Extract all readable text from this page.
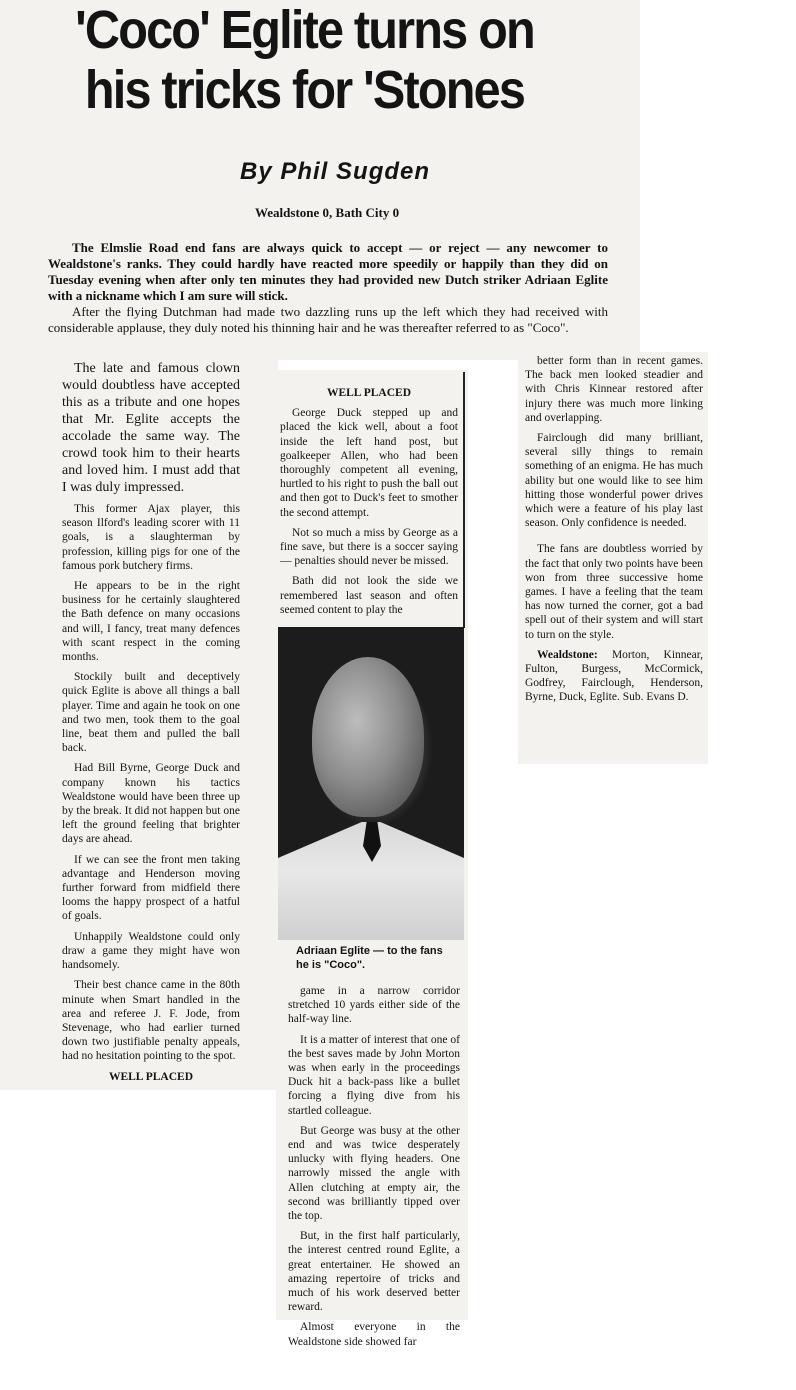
'Coco' Eglite turns on
his tricks for 'Stones
By Phil Sugden

Wealdstone 0, Bath City 0

The Elmslie Road end fans are always quick to accept — or reject — any newcomer to Wealdstone's ranks. They could hardly have reacted more speedily or happily than they did on Tuesday evening when after only ten minutes they had provided new Dutch striker Adriaan Eglite with a nickname which I am sure will stick.

After the flying Dutchman had made two dazzling runs up the left which they had received with considerable applause, they duly noted his thinning hair and he was thereafter referred to as "Coco".

The late and famous clown would doubtless have accepted this as a tribute and one hopes that Mr. Eglite accepts the accolade the same way. The crowd took him to their hearts and loved him. I must add that I was duly impressed.

This former Ajax player, this season Ilford's leading scorer with 11 goals, is a slaughterman by profession, killing pigs for one of the famous pork butchery firms.

He appears to be in the right business for he certainly slaughtered the Bath defence on many occasions and will, I fancy, treat many defences with scant respect in the coming months.

Stockily built and deceptively quick Eglite is above all things a ball player. Time and again he took on one and two men, took them to the goal line, beat them and pulled the ball back.

Had Bill Byrne, George Duck and company known his tactics Wealdstone would have been three up by the break. It did not happen but one left the ground feeling that brighter days are ahead.

If we can see the front men taking advantage and Henderson moving further forward from midfield there looms the happy prospect of a hatful of goals.

Unhappily Wealdstone could only draw a game they might have won handsomely.

Their best chance came in the 80th minute when Smart handled in the area and referee J. F. Jode, from Stevenage, who had earlier turned down two justifiable penalty appeals, had no hesitation pointing to the spot.

WELL PLACED

WELL PLACED

George Duck stepped up and placed the kick well, about a foot inside the left hand post, but goalkeeper Allen, who had been thoroughly competent all evening, hurtled to his right to push the ball out and then got to Duck's feet to smother the second attempt.

Not so much a miss by George as a fine save, but there is a soccer saying — penalties should never be missed.

Bath did not look the side we remembered last season and often seemed content to play the

Adriaan Eglite — to the fans he is "Coco".

game in a narrow corridor stretched 10 yards either side of the half-way line.

It is a matter of interest that one of the best saves made by John Morton was when early in the proceedings Duck hit a back-pass like a bullet forcing a flying dive from his startled colleague.

But George was busy at the other end and was twice desperately unlucky with flying headers. One narrowly missed the angle with Allen clutching at empty air, the second was brilliantly tipped over the top.

But, in the first half particularly, the interest centred round Eglite, a great entertainer. He showed an amazing repertoire of tricks and much of his work deserved better reward.

Almost everyone in the Wealdstone side showed far

better form than in recent games. The back men looked steadier and with Chris Kinnear restored after injury there was much more linking and overlapping.

Fairclough did many brilliant, several silly things to remain something of an enigma. He has much ability but one would like to see him hitting those wonderful power drives which were a feature of his play last season. Only confidence is needed.

The fans are doubtless worried by the fact that only two points have been won from three successive home games. I have a feeling that the team has now turned the corner, got a bad spell out of their system and will start to turn on the style.

Wealdstone: Morton, Kinnear, Fulton, Burgess, McCormick, Godfrey, Fairclough, Henderson, Byrne, Duck, Eglite. Sub. Evans D.
